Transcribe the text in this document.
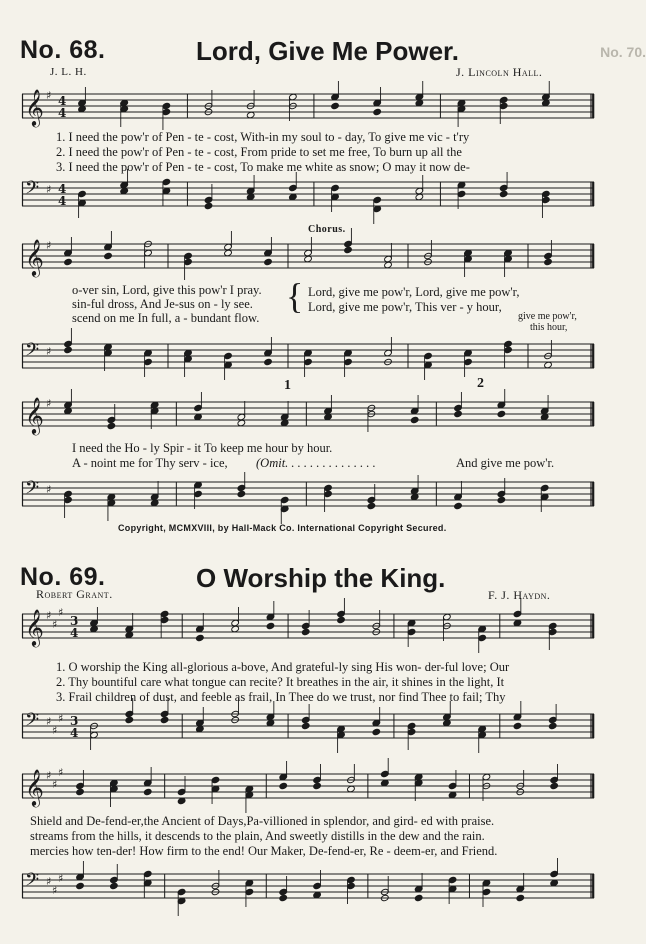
No. 70.
No. 68.	Lord, Give Me Power.
J. L. H.	J. Lincoln Hall.
𝄞 ♯ 4
4
1. I need the pow'r of Pen - te - cost, With-in my soul to - day, To give me vic - t'ry
2. I need the pow'r of Pen - te - cost, From pride to set me free, To burn up all the
3. I need the pow'r of Pen - te - cost, To make me white as snow; O may it now de-
𝄢 ♯ 4
4
Chorus.
𝄞 ♯
o-ver sin, Lord, give this pow'r I pray.
sin-ful dross, And Je-sus on - ly see.
scend on me In full, a - bundant flow.
{ Lord, give me pow'r, Lord, give me pow'r,
Lord, give me pow'r, This ver - y hour,
give me pow'r,
this hour,
𝄢 ♯
1	2
𝄞 ♯
I need the Ho - ly Spir - it To keep me hour by hour.
A - noint me for Thy serv - ice, (Omit. . . . . . . . . . . . . . .	And give me pow'r.
𝄢 ♯
Copyright, MCMXVIII, by Hall-Mack Co. International Copyright Secured.
No. 69.	O Worship the King.
Robert Grant.	F. J. Haydn.
𝄞 ♯
♯
♯
3
4
1. O worship the King all-glorious a-bove, And grateful-ly sing His won- der-ful love; Our
2. Thy bountiful care what tongue can recite? It breathes in the air, it shines in the light, It
3. Frail children of dust, and feeble as frail, In Thee do we trust, nor find Thee to fail; Thy
𝄢 ♯
♯
♯ 3
4
𝄞 ♯
♯
♯
Shield and De-fend-er,the Ancient of Days,Pa-villioned in splendor, and gird- ed with praise.
streams from the hills, it descends to the plain, And sweetly distills in the dew and the rain.
mercies how ten-der! How firm to the end! Our Maker, De-fend-er, Re - deem-er, and Friend.
𝄢 ♯
♯
♯
